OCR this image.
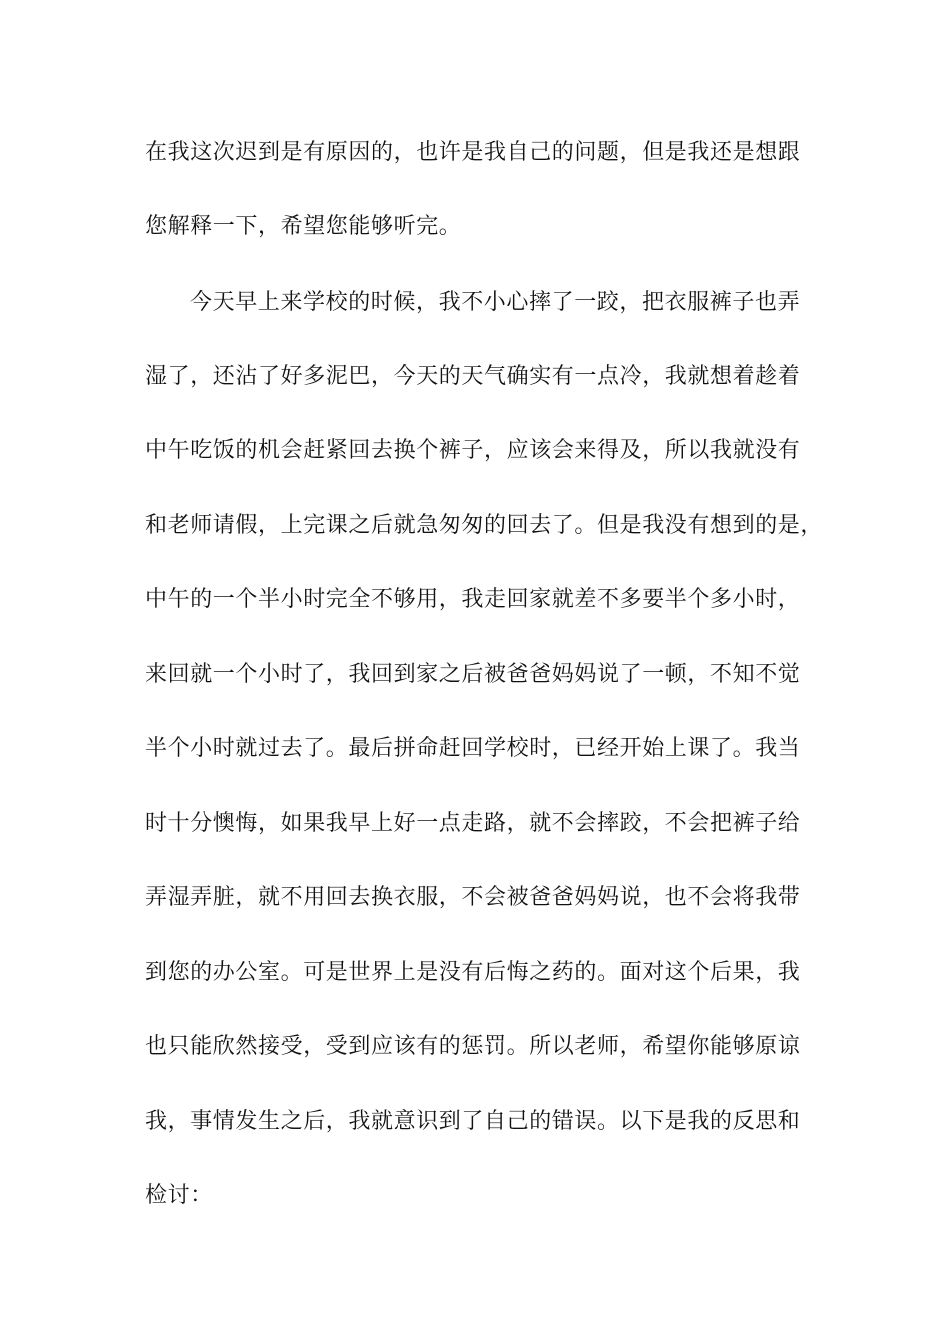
在我这次迟到是有原因的，也许是我自己的问题，但是我还是想跟
您解释一下，希望您能够听完。
今天早上来学校的时候，我不小心摔了一跤，把衣服裤子也弄
湿了，还沾了好多泥巴，今天的天气确实有一点冷，我就想着趁着
中午吃饭的机会赶紧回去换个裤子，应该会来得及，所以我就没有
和老师请假，上完课之后就急匆匆的回去了。但是我没有想到的是，
中午的一个半小时完全不够用，我走回家就差不多要半个多小时，
来回就一个小时了，我回到家之后被爸爸妈妈说了一顿，不知不觉
半个小时就过去了。最后拼命赶回学校时，已经开始上课了。我当
时十分懊悔，如果我早上好一点走路，就不会摔跤，不会把裤子给
弄湿弄脏，就不用回去换衣服，不会被爸爸妈妈说，也不会将我带
到您的办公室。可是世界上是没有后悔之药的。面对这个后果，我
也只能欣然接受，受到应该有的惩罚。所以老师，希望你能够原谅
我，事情发生之后，我就意识到了自己的错误。以下是我的反思和
检讨：
